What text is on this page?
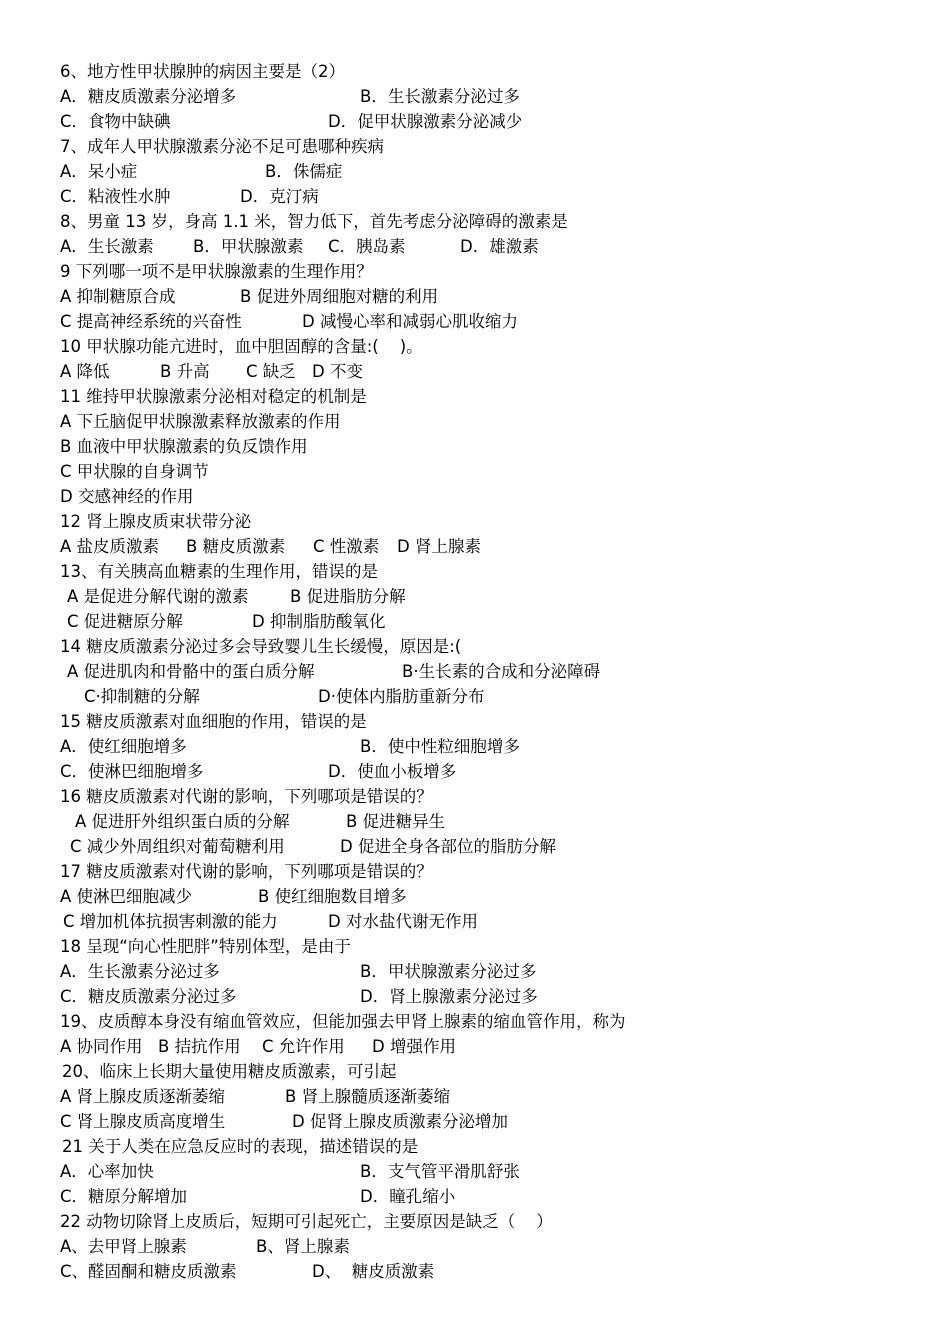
6、地方性甲状腺肿的病因主要是（2）
A．糖皮质激素分泌增多	B．生长激素分泌过多
C．食物中缺碘	D．促甲状腺激素分泌减少
7、成年人甲状腺激素分泌不足可患哪种疾病
A．呆小症	B．侏儒症
C．粘液性水肿	D．克汀病
8、男童 13 岁，身高 1.1 米，智力低下，首先考虑分泌障碍的激素是
A．生长激素 B．甲状腺激素 C．胰岛素	D．雄激素
9 下列哪一项不是甲状腺激素的生理作用？
A 抑制糖原合成	B 促进外周细胞对糖的利用
C 提高神经系统的兴奋性	D 减慢心率和减弱心肌收缩力
10 甲状腺功能亢进时，血中胆固醇的含量:(    )。
A 降低	B 升高 C 缺乏 D 不变
11 维持甲状腺激素分泌相对稳定的机制是
A 下丘脑促甲状腺激素释放激素的作用
B 血液中甲状腺激素的负反馈作用
C 甲状腺的自身调节
D 交感神经的作用
12 肾上腺皮质束状带分泌
A 盐皮质激素 B 糖皮质激素 C 性激素 D 肾上腺素
13、有关胰高血糖素的生理作用，错误的是
A 是促进分解代谢的激素	B 促进脂肪分解
C 促进糖原分解	D 抑制脂肪酸氧化
14 糖皮质激素分泌过多会导致婴儿生长缓慢，原因是:(
A 促进肌肉和骨骼中的蛋白质分解	B·生长素的合成和分泌障碍
C·抑制糖的分解	D·使体内脂肪重新分布
15 糖皮质激素对血细胞的作用，错误的是
A．使红细胞增多	B．使中性粒细胞增多
C．使淋巴细胞增多	D．使血小板增多
16 糖皮质激素对代谢的影响，下列哪项是错误的？
A 促进肝外组织蛋白质的分解	B 促进糖异生
C 减少外周组织对葡萄糖利用	D 促进全身各部位的脂肪分解
17 糖皮质激素对代谢的影响，下列哪项是错误的？
A 使淋巴细胞减少	B 使红细胞数目增多
C 增加机体抗损害刺激的能力	D 对水盐代谢无作用
18 呈现“向心性肥胖”特别体型，是由于
A．生长激素分泌过多	B．甲状腺激素分泌过多
C．糖皮质激素分泌过多	D．肾上腺激素分泌过多
19、皮质醇本身没有缩血管效应，但能加强去甲肾上腺素的缩血管作用，称为
A 协同作用 B 拮抗作用 C 允许作用 D 增强作用
20、临床上长期大量使用糖皮质激素，可引起
A 肾上腺皮质逐渐萎缩	B 肾上腺髓质逐渐萎缩
C 肾上腺皮质高度增生	D 促肾上腺皮质激素分泌增加
21 关于人类在应急反应时的表现，描述错误的是
A．心率加快	B．支气管平滑肌舒张
C．糖原分解增加	D．瞳孔缩小
22 动物切除肾上皮质后，短期可引起死亡，主要原因是缺乏（    ）
A、去甲肾上腺素	B、肾上腺素
C、醛固酮和糖皮质激素	D、  糖皮质激素
